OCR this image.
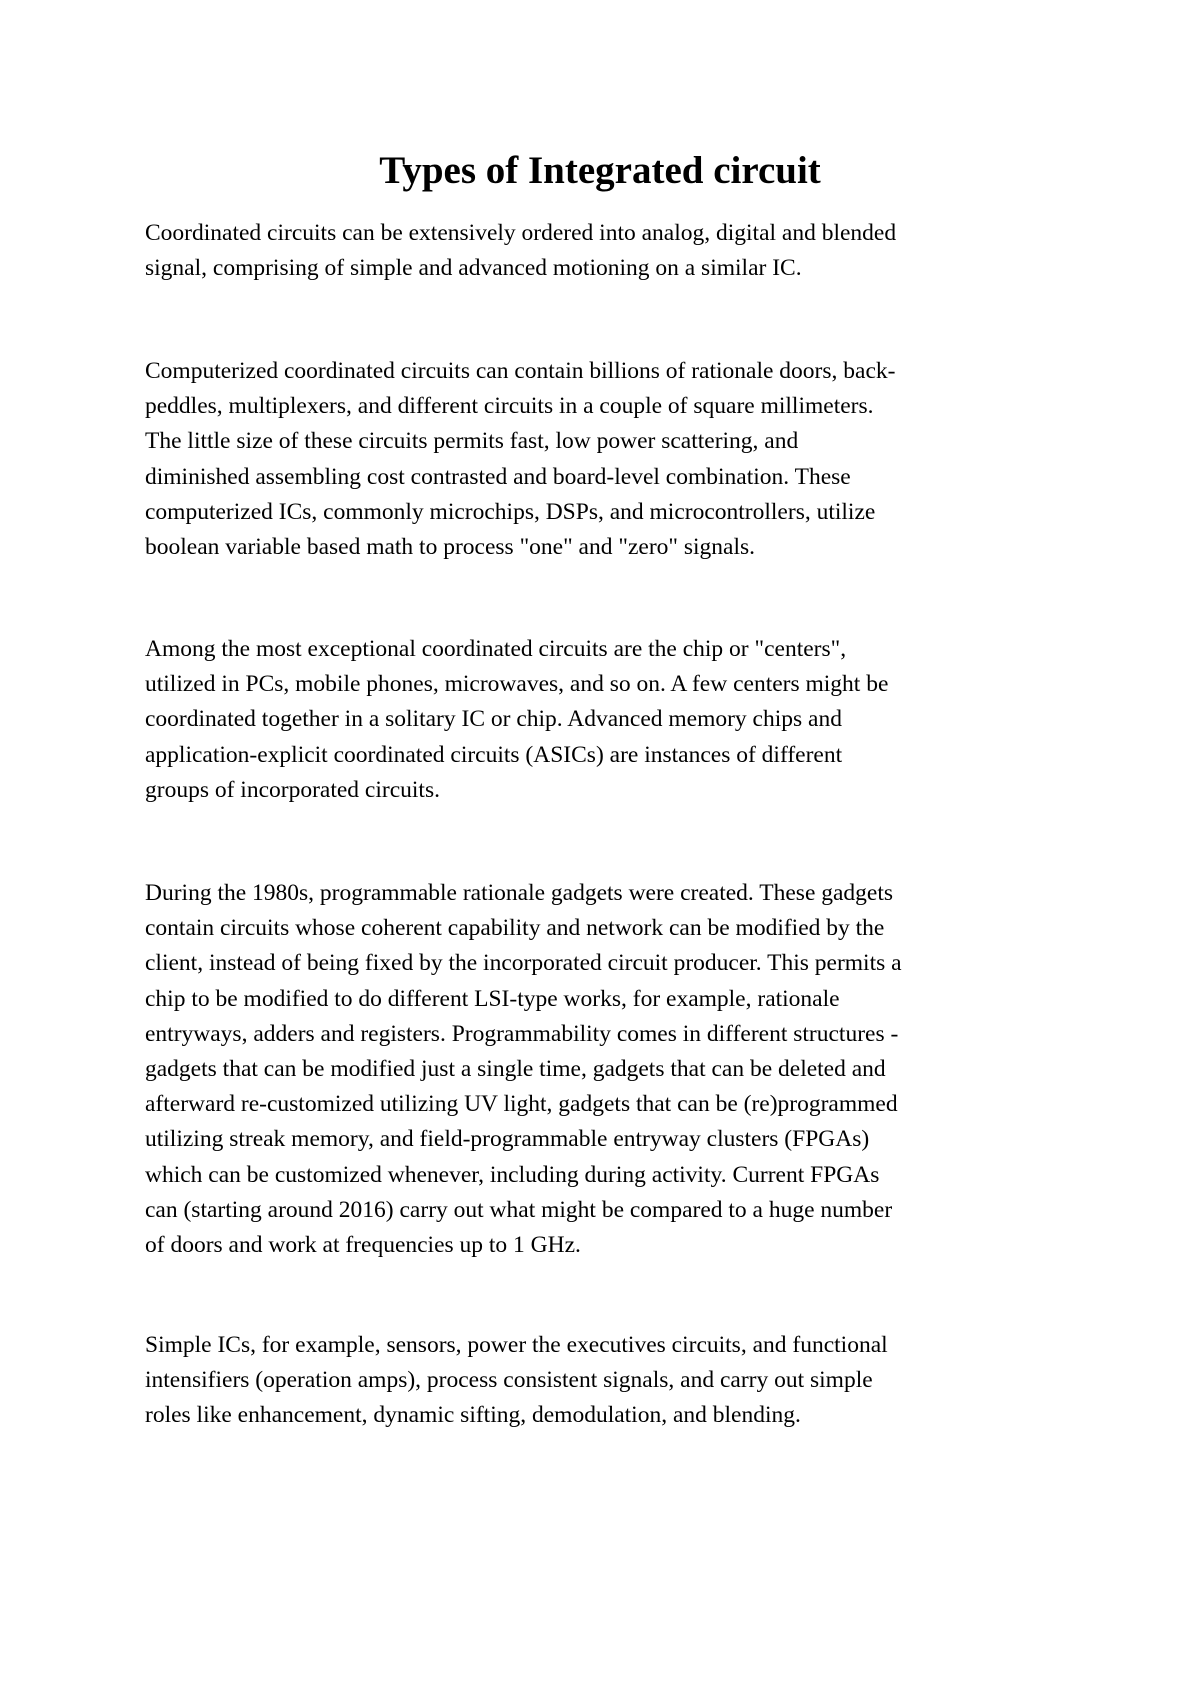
Types of Integrated circuit

Coordinated circuits can be extensively ordered into analog, digital and blended
signal, comprising of simple and advanced motioning on a similar IC.

Computerized coordinated circuits can contain billions of rationale doors, back-
peddles, multiplexers, and different circuits in a couple of square millimeters.
The little size of these circuits permits fast, low power scattering, and
diminished assembling cost contrasted and board-level combination. These
computerized ICs, commonly microchips, DSPs, and microcontrollers, utilize
boolean variable based math to process "one" and "zero" signals.

Among the most exceptional coordinated circuits are the chip or "centers",
utilized in PCs, mobile phones, microwaves, and so on. A few centers might be
coordinated together in a solitary IC or chip. Advanced memory chips and
application-explicit coordinated circuits (ASICs) are instances of different
groups of incorporated circuits.

During the 1980s, programmable rationale gadgets were created. These gadgets
contain circuits whose coherent capability and network can be modified by the
client, instead of being fixed by the incorporated circuit producer. This permits a
chip to be modified to do different LSI-type works, for example, rationale
entryways, adders and registers. Programmability comes in different structures -
gadgets that can be modified just a single time, gadgets that can be deleted and
afterward re-customized utilizing UV light, gadgets that can be (re)programmed
utilizing streak memory, and field-programmable entryway clusters (FPGAs)
which can be customized whenever, including during activity. Current FPGAs
can (starting around 2016) carry out what might be compared to a huge number
of doors and work at frequencies up to 1 GHz.

Simple ICs, for example, sensors, power the executives circuits, and functional
intensifiers (operation amps), process consistent signals, and carry out simple
roles like enhancement, dynamic sifting, demodulation, and blending.
